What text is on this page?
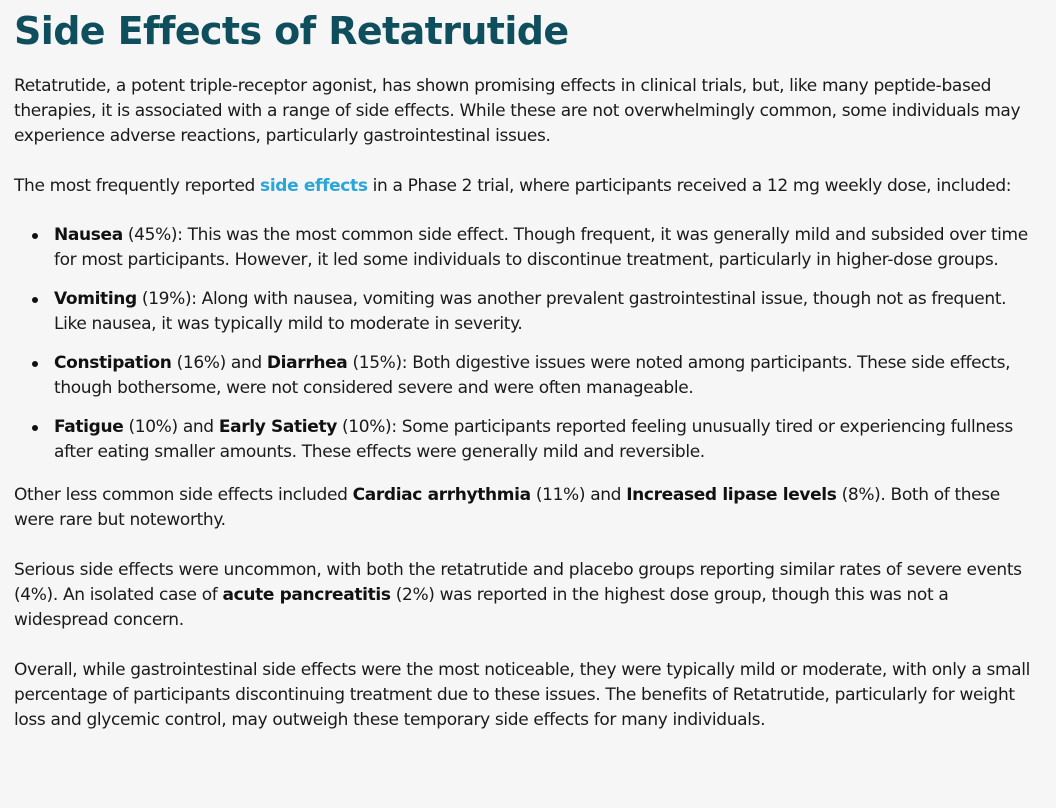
Side Effects of Retatrutide

Retatrutide, a potent triple-receptor agonist, has shown promising effects in clinical trials, but, like many peptide-based therapies, it is associated with a range of side effects. While these are not overwhelmingly common, some individuals may experience adverse reactions, particularly gastrointestinal issues.

The most frequently reported side effects in a Phase 2 trial, where participants received a 12 mg weekly dose, included:

Nausea (45%): This was the most common side effect. Though frequent, it was generally mild and subsided over time for most participants. However, it led some individuals to discontinue treatment, particularly in higher-dose groups.
Vomiting (19%): Along with nausea, vomiting was another prevalent gastrointestinal issue, though not as frequent. Like nausea, it was typically mild to moderate in severity.
Constipation (16%) and Diarrhea (15%): Both digestive issues were noted among participants. These side effects, though bothersome, were not considered severe and were often manageable.
Fatigue (10%) and Early Satiety (10%): Some participants reported feeling unusually tired or experiencing fullness after eating smaller amounts. These effects were generally mild and reversible.

Other less common side effects included Cardiac arrhythmia (11%) and Increased lipase levels (8%). Both of these were rare but noteworthy.

Serious side effects were uncommon, with both the retatrutide and placebo groups reporting similar rates of severe events (4%). An isolated case of acute pancreatitis (2%) was reported in the highest dose group, though this was not a widespread concern.

Overall, while gastrointestinal side effects were the most noticeable, they were typically mild or moderate, with only a small percentage of participants discontinuing treatment due to these issues. The benefits of Retatrutide, particularly for weight loss and glycemic control, may outweigh these temporary side effects for many individuals.
